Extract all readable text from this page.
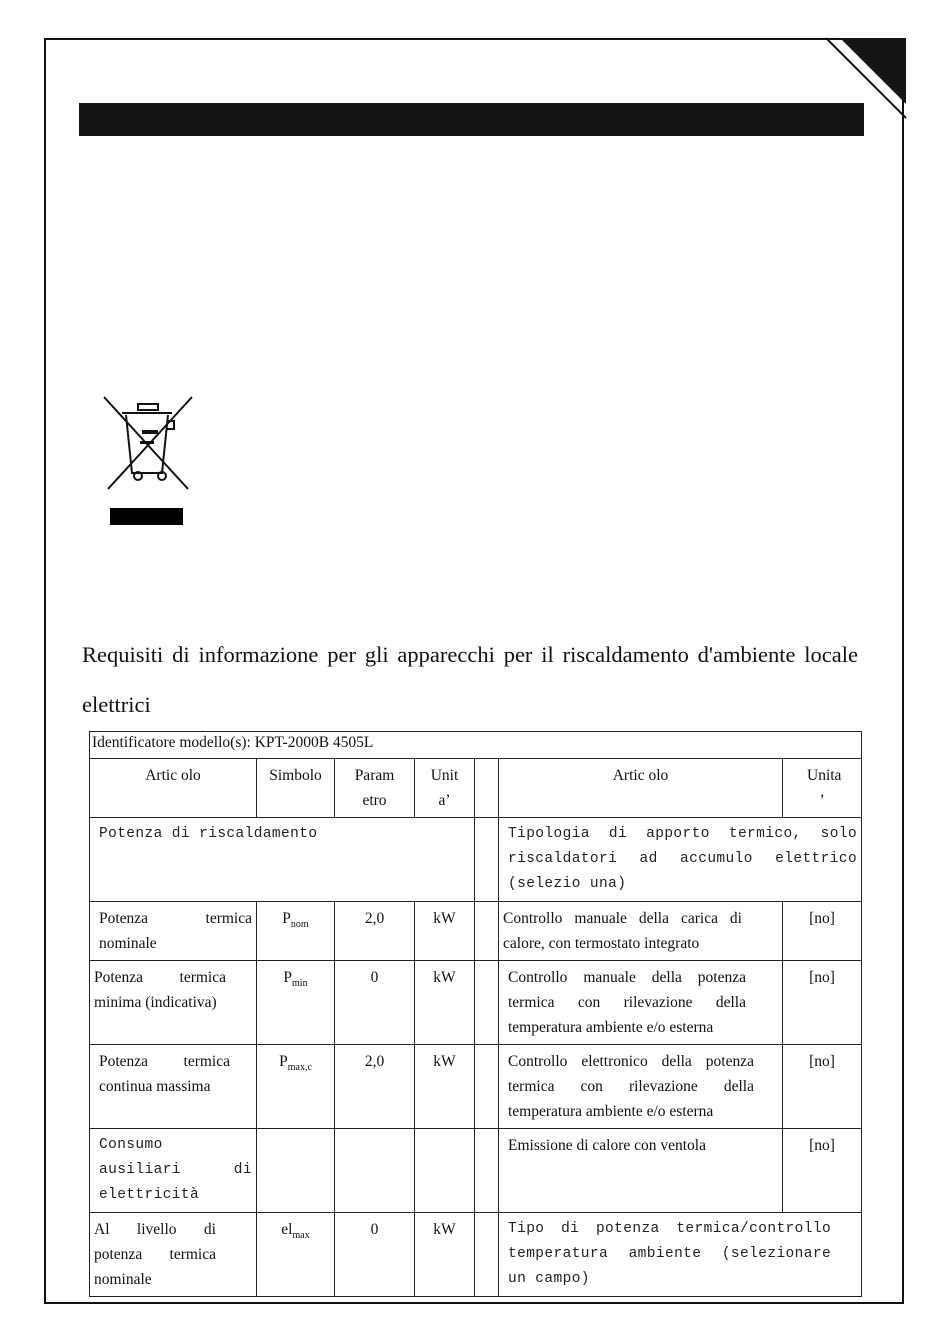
Requisiti di informazione per gli apparecchi per il riscaldamento d'ambiente locale elettrici
Identificatore modello(s): KPT-2000B 4505L						
Artic olo	Simbolo	Param etro	Unit a’		Artic olo	Unita ’
Potenza di riscaldamento					Tipologia di apporto termico, solo riscaldatori ad accumulo elettrico (selezio una)	
Potenza termica nominale	$P_{nom}$	2,0	kW		Controllo manuale della carica di calore, con termostato integrato	[no]
Potenza termica minima (indicativa)	$P_{min}$	0	kW		Controllo manuale della potenza termica con rilevazione della temperatura ambiente e/o esterna	[no]
Potenza termica continua massima	$P_{max,c}$	2,0	kW		Controllo elettronico della potenza termica con rilevazione della temperatura ambiente e/o esterna	[no]
Consumo ausiliari di elettricità					Emissione di calore con ventola	[no]
Al livello di potenza termica nominale	$el_{max}$	0	kW		Tipo di potenza termica/controllo temperatura ambiente (selezionare un campo)	
